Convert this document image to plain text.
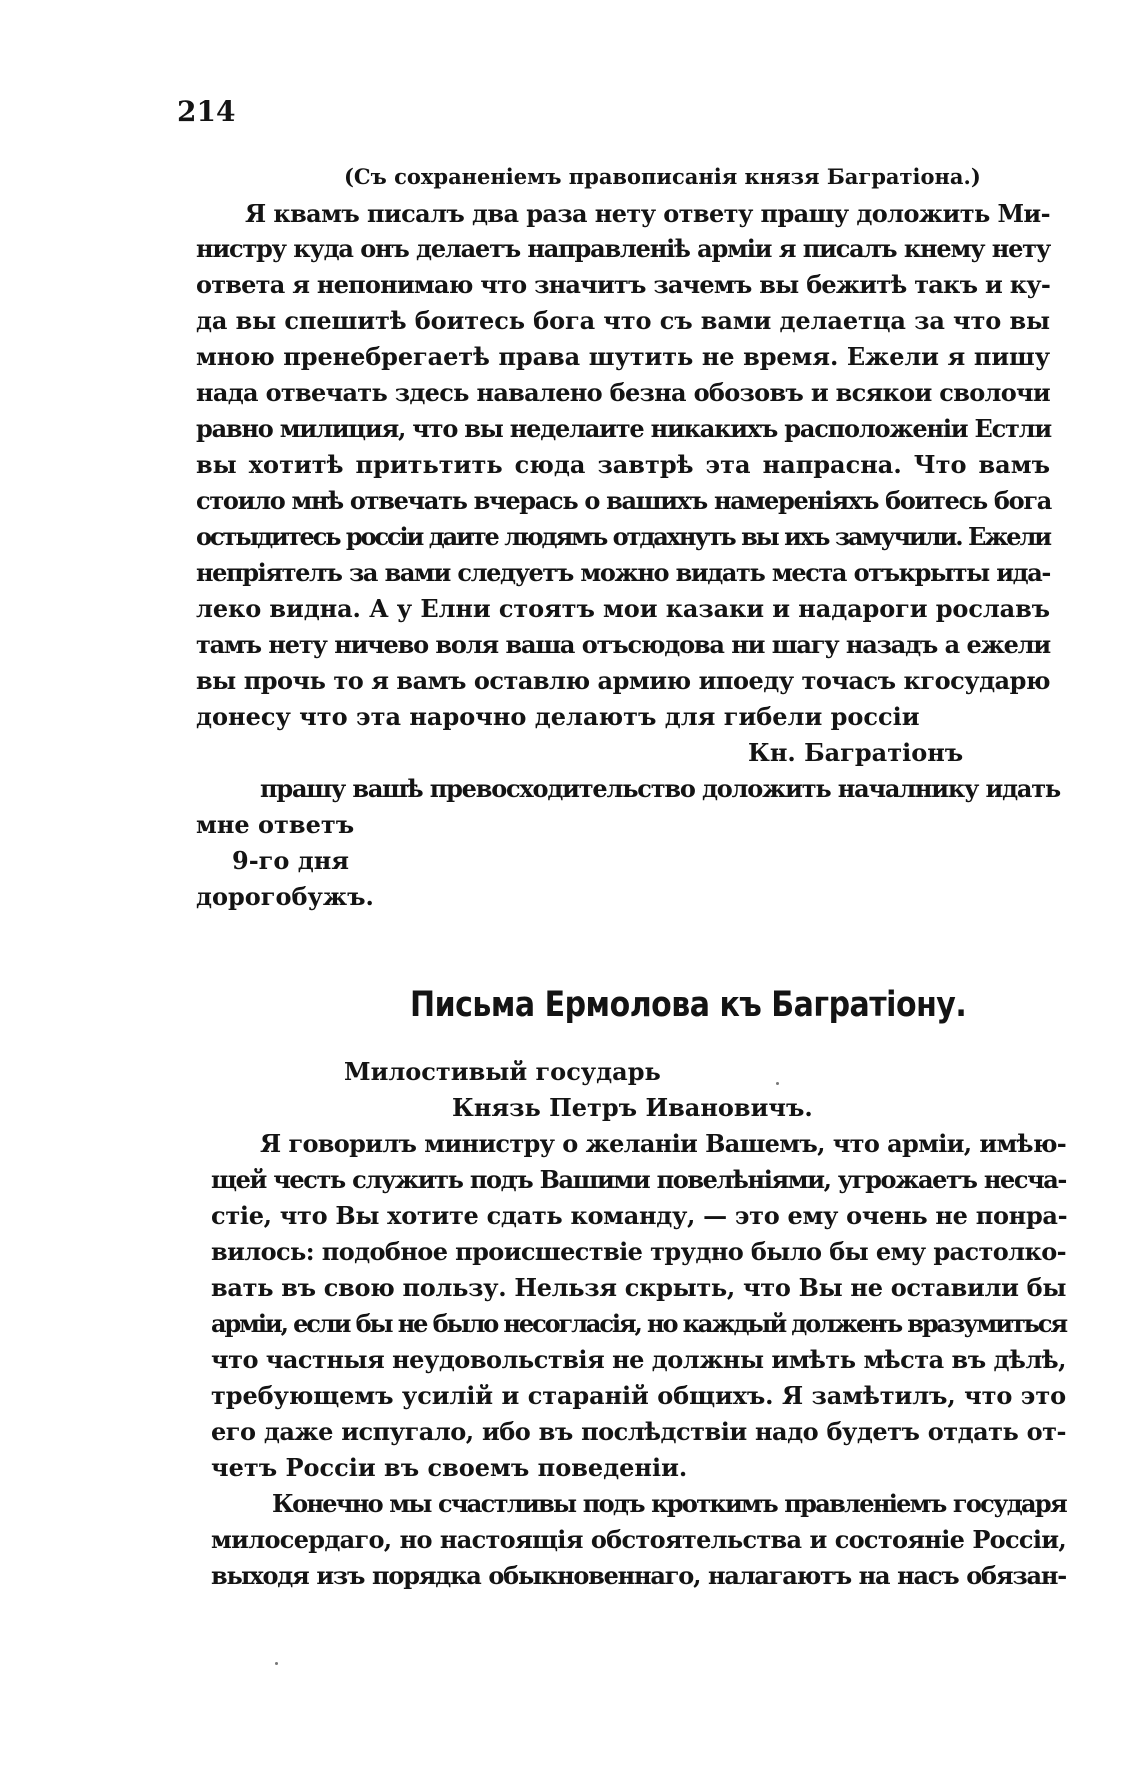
214
(Съ сохраненіемъ правописанія князя Багратіона.)
Я квамъ писалъ два раза нету ответу прашу доложить Ми-
нистру куда онъ делаетъ направленіѣ арміи я писалъ кнему нету
ответа я непонимаю что значитъ зачемъ вы бежитѣ такъ и ку-
да вы спешитѣ боитесь бога что съ вами делаетца за что вы
мною пренебрегаетѣ права шутить не время. Ежели я пишу
нада отвечать здесь навалено безна обозовъ и всякои сволочи
равно милиция, что вы неделаите никакихъ расположеніи Естли
вы хотитѣ притьтить сюда завтрѣ эта напрасна. Что вамъ
стоило мнѣ отвечать вчерась о вашихъ намереніяхъ боитесь бога
остыдитесь россіи даите людямъ отдахнуть вы ихъ замучили. Ежели
непріятелъ за вами следуетъ можно видать места отъкрыты ида-
леко видна. А у Елни стоятъ мои казаки и надароги рославъ
тамъ нету ничево воля ваша отъсюдова ни шагу назадъ а ежели
вы прочь то я вамъ оставлю армию ипоеду точасъ кгосударю
донесу что эта нарочно делаютъ для гибели россіи
Кн. Багратіонъ
прашу вашѣ превосходительство доложить началнику идать
мне ответъ
9-го дня
дорогобужъ.
Письма Ермолова къ Багратіону.
Милостивый государь
Князь Петръ Ивановичъ.
Я говорилъ министру о желаніи Вашемъ, что арміи, имѣю-
щей честь служить подъ Вашими повелѣніями, угрожаетъ несча-
стіе, что Вы хотите сдать команду, — это ему очень не понра-
вилось: подобное происшествіе трудно было бы ему растолко-
вать въ свою пользу. Нельзя скрыть, что Вы не оставили бы
арміи, если бы не было несогласія, но каждый долженъ вразумиться
что частныя неудовольствія не должны имѣть мѣста въ дѣлѣ,
требующемъ усилій и стараній общихъ. Я замѣтилъ, что это
его даже испугало, ибо въ послѣдствіи надо будетъ отдать от-
четъ Россіи въ своемъ поведеніи.
Конечно мы счастливы подъ кроткимъ правленіемъ государя
милосердаго, но настоящія обстоятельства и состояніе Россіи,
выходя изъ порядка обыкновеннаго, налагаютъ на насъ обязан-
